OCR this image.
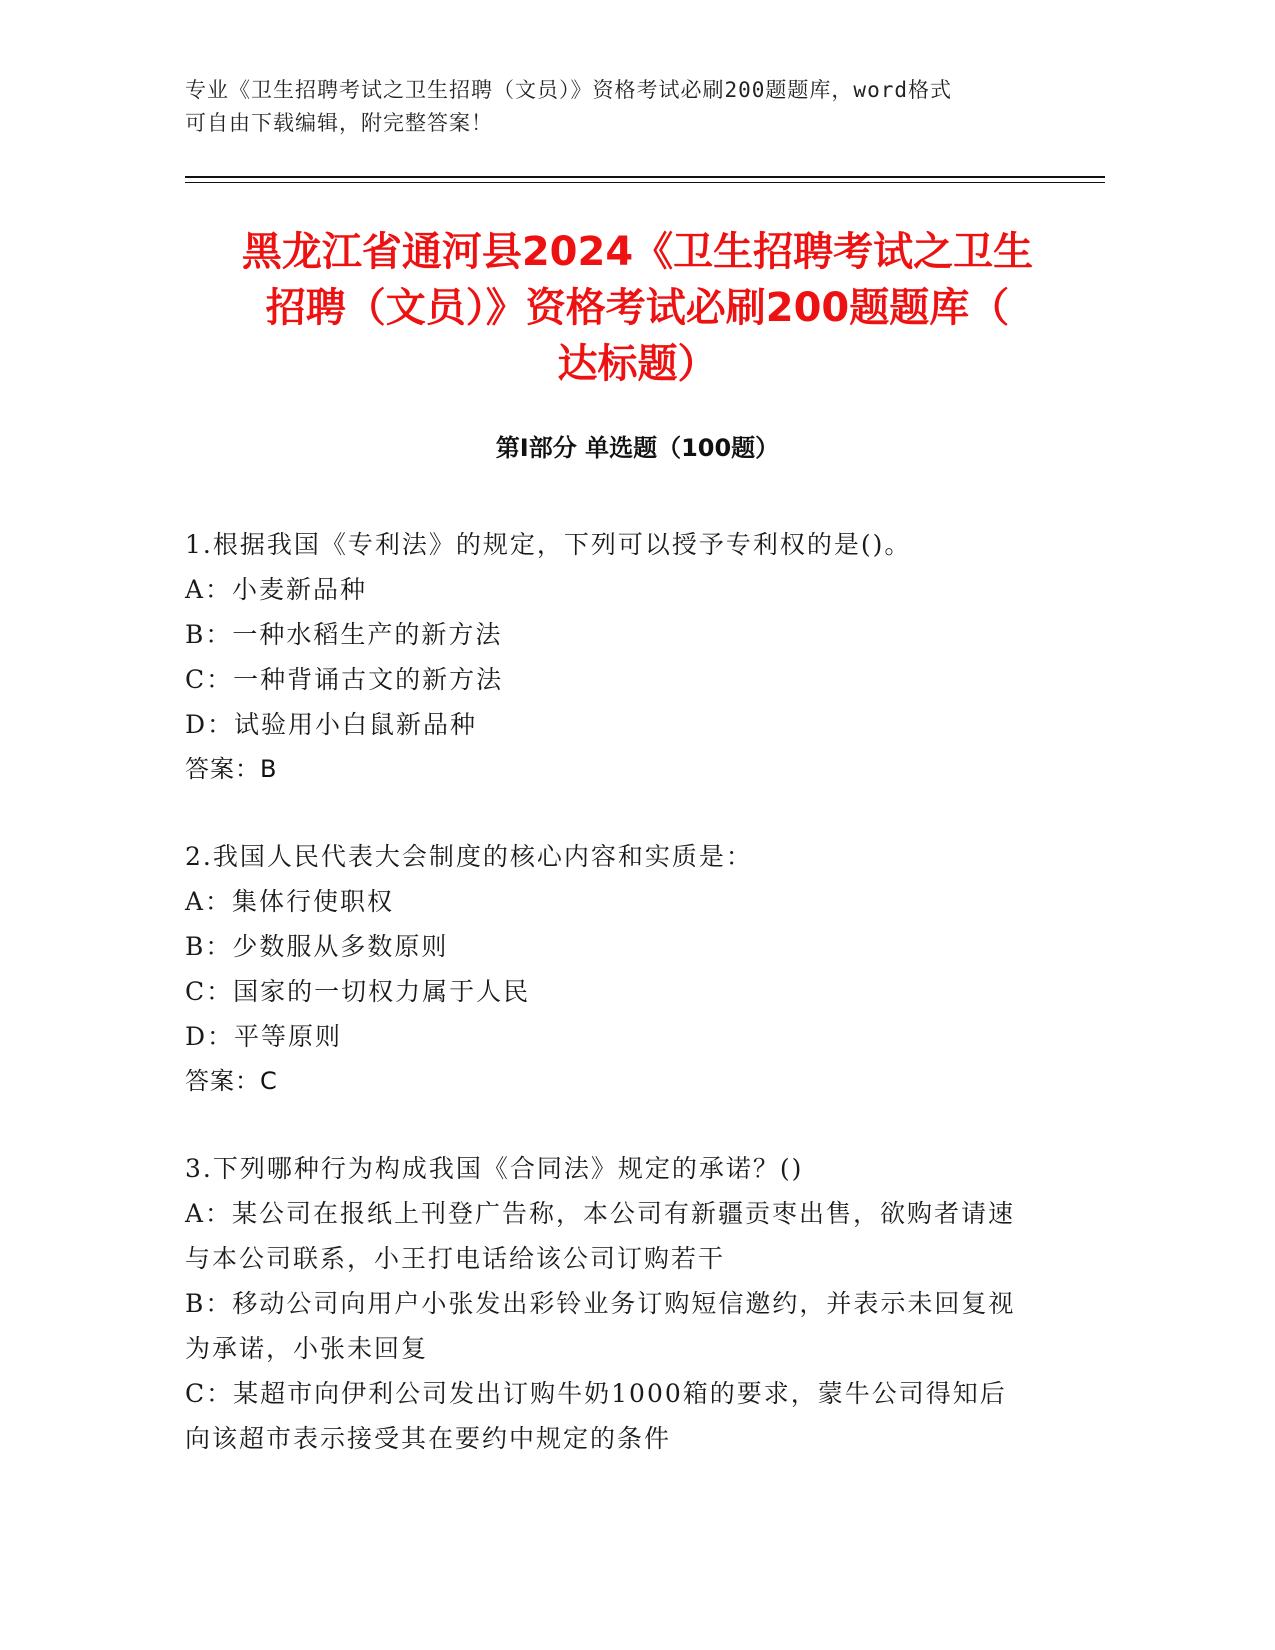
专业《卫生招聘考试之卫生招聘（文员）》资格考试必刷200题题库，word格式
可自由下载编辑，附完整答案！
黑龙江省通河县2024《卫生招聘考试之卫生
招聘（文员）》资格考试必刷200题题库（
达标题）
第Ⅰ部分 单选题（100题）
1.根据我国《专利法》的规定，下列可以授予专利权的是()。
A：小麦新品种
B：一种水稻生产的新方法
C：一种背诵古文的新方法
D：试验用小白鼠新品种
答案：B
2.我国人民代表大会制度的核心内容和实质是：
A：集体行使职权
B：少数服从多数原则
C：国家的一切权力属于人民
D：平等原则
答案：C
3.下列哪种行为构成我国《合同法》规定的承诺？()
A：某公司在报纸上刊登广告称，本公司有新疆贡枣出售，欲购者请速
与本公司联系，小王打电话给该公司订购若干
B：移动公司向用户小张发出彩铃业务订购短信邀约，并表示未回复视
为承诺，小张未回复
C：某超市向伊利公司发出订购牛奶1000箱的要求，蒙牛公司得知后
向该超市表示接受其在要约中规定的条件
